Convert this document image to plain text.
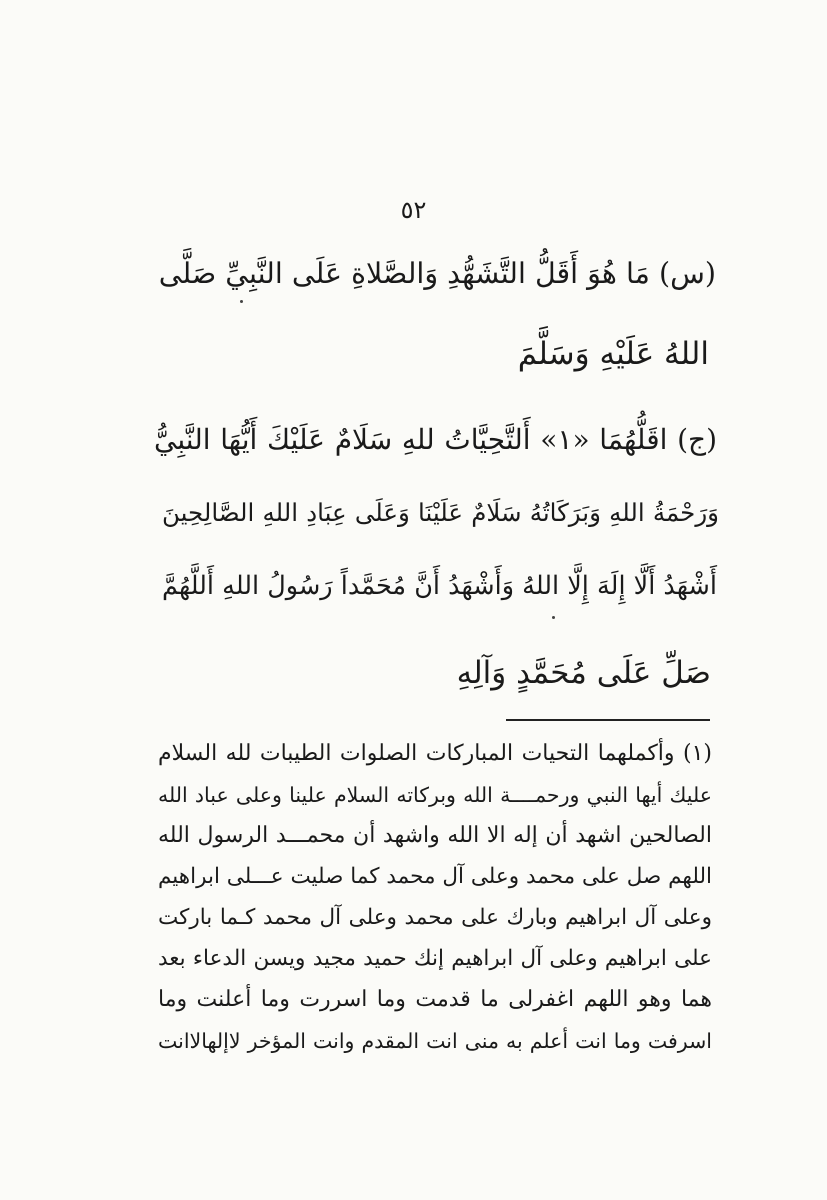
٥٢
(س) مَا هُوَ أَقَلُّ التَّشَهُّدِ وَالصَّلاةِ عَلَى النَّبِيِّ صَلَّى
اللهُ عَلَيْهِ وَسَلَّمَ
(ج) اقَلُّهُمَا «١» أَلتَّحِيَّاتُ للهِ سَلَامٌ عَلَيْكَ أَيُّهَا النَّبِيُّ
وَرَحْمَةُ اللهِ وَبَرَكَاتُهُ سَلَامٌ عَلَيْنَا وَعَلَى عِبَادِ اللهِ الصَّالِحِينَ
أَشْهَدُ أَلَّا إِلَهَ إِلَّا اللهُ وَأَشْهَدُ أَنَّ مُحَمَّداً رَسُولُ اللهِ أَللَّهُمَّ
صَلِّ عَلَى مُحَمَّدٍ وَآلِهِ
(١) وأكملهما التحيات المباركات الصلوات الطيبات لله السلام
عليك أيها النبي ورحمــــة الله وبركاته السلام علينا وعلى عباد الله
الصالحين اشهد أن إله الا الله واشهد أن محمـــد الرسول الله
اللهم صل على محمد وعلى آل محمد كما صليت عـــلى ابراهيم
وعلى آل ابراهيم وبارك على محمد وعلى آل محمد كـما باركت
على ابراهيم وعلى آل ابراهيم إنك حميد مجيد ويسن الدعاء بعد
هما وهو اللهم اغفرلى ما قدمت وما اسررت وما أعلنت وما
اسرفت وما انت أعلم به منى انت المقدم وانت المؤخر لاإلهالاانت
